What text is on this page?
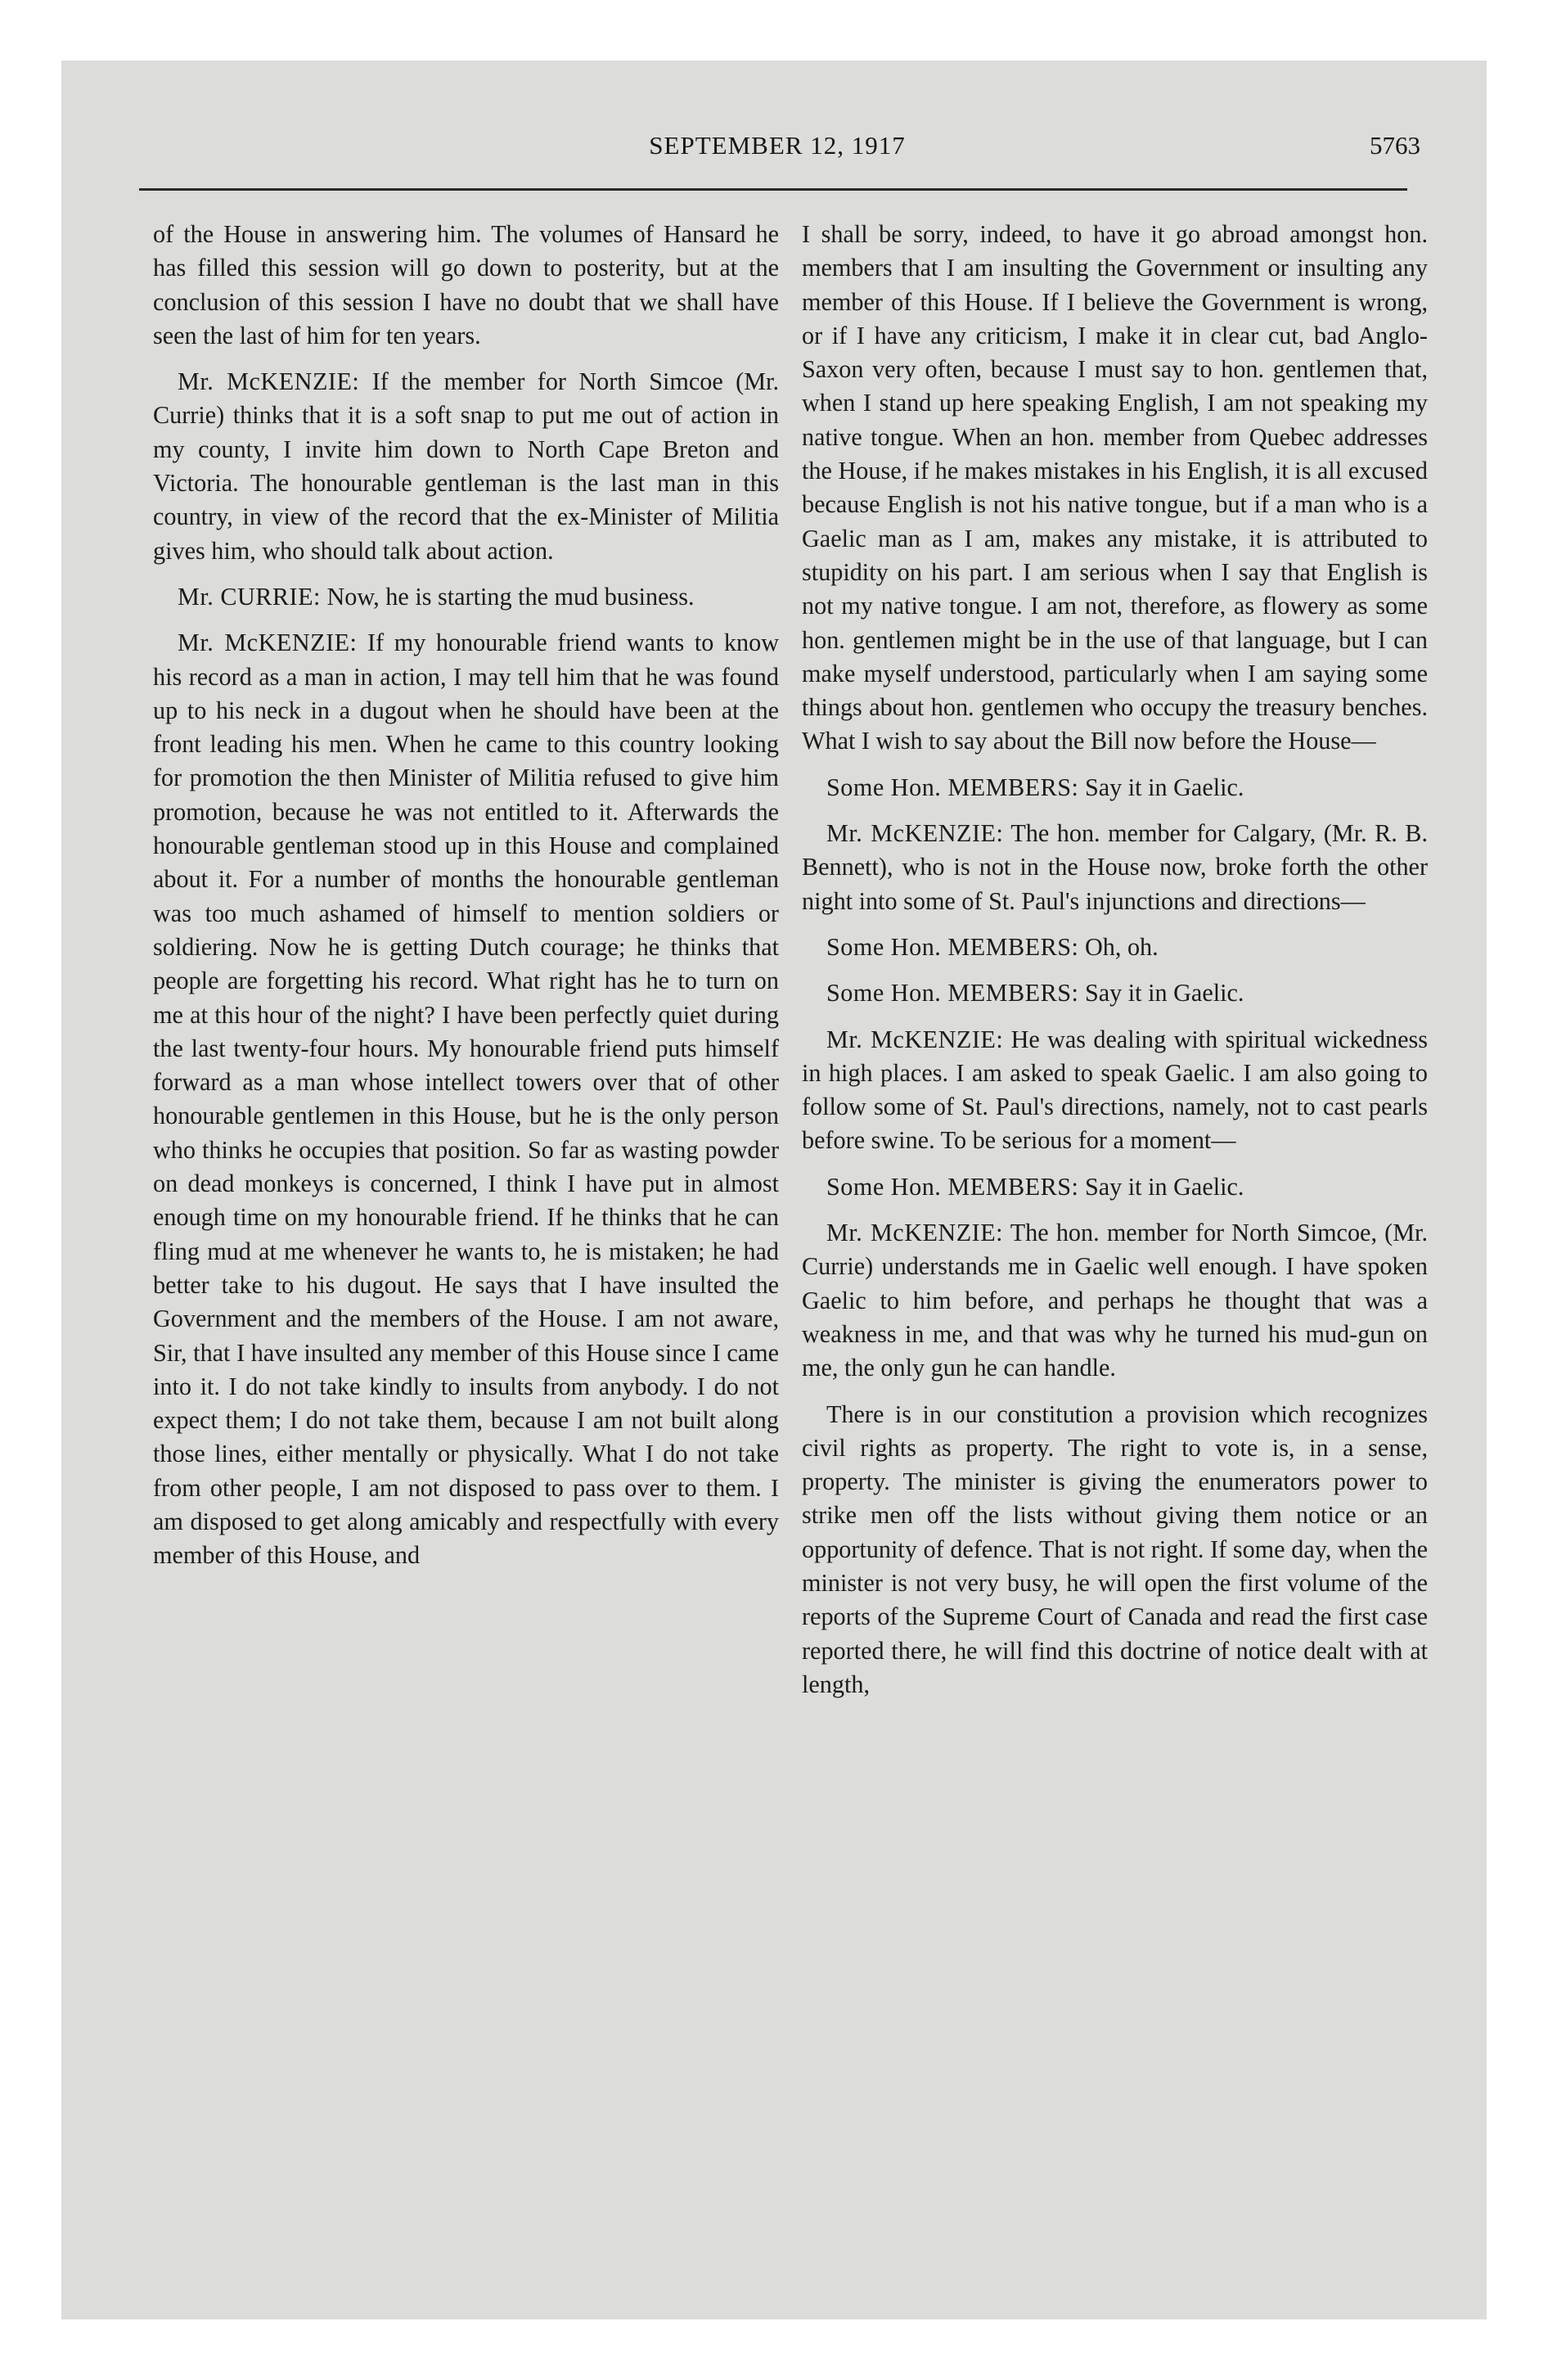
SEPTEMBER 12, 1917	5763

of the House in answering him. The volumes of Hansard he has filled this session will go down to posterity, but at the conclusion of this session I have no doubt that we shall have seen the last of him for ten years.

Mr. McKENZIE: If the member for North Simcoe (Mr. Currie) thinks that it is a soft snap to put me out of action in my county, I invite him down to North Cape Breton and Victoria. The honourable gentleman is the last man in this country, in view of the record that the ex-Minister of Militia gives him, who should talk about action.

Mr. CURRIE: Now, he is starting the mud business.

Mr. McKENZIE: If my honourable friend wants to know his record as a man in action, I may tell him that he was found up to his neck in a dugout when he should have been at the front leading his men. When he came to this country looking for promotion the then Minister of Militia refused to give him promotion, because he was not entitled to it. Afterwards the honourable gentleman stood up in this House and complained about it. For a number of months the honourable gentleman was too much ashamed of himself to mention soldiers or soldiering. Now he is getting Dutch courage; he thinks that people are forgetting his record. What right has he to turn on me at this hour of the night? I have been perfectly quiet during the last twenty-four hours. My honourable friend puts himself forward as a man whose intellect towers over that of other honourable gentlemen in this House, but he is the only person who thinks he occupies that position. So far as wasting powder on dead monkeys is concerned, I think I have put in almost enough time on my honourable friend. If he thinks that he can fling mud at me whenever he wants to, he is mistaken; he had better take to his dugout. He says that I have insulted the Government and the members of the House. I am not aware, Sir, that I have insulted any member of this House since I came into it. I do not take kindly to insults from anybody. I do not expect them; I do not take them, because I am not built along those lines, either mentally or physically. What I do not take from other people, I am not disposed to pass over to them. I am disposed to get along amicably and respectfully with every member of this House, and

I shall be sorry, indeed, to have it go abroad amongst hon. members that I am insulting the Government or insulting any member of this House. If I believe the Government is wrong, or if I have any criticism, I make it in clear cut, bad Anglo-Saxon very often, because I must say to hon. gentlemen that, when I stand up here speaking English, I am not speaking my native tongue. When an hon. member from Quebec addresses the House, if he makes mistakes in his English, it is all excused because English is not his native tongue, but if a man who is a Gaelic man as I am, makes any mistake, it is attributed to stupidity on his part. I am serious when I say that English is not my native tongue. I am not, therefore, as flowery as some hon. gentlemen might be in the use of that language, but I can make myself understood, particularly when I am saying some things about hon. gentlemen who occupy the treasury benches. What I wish to say about the Bill now before the House—

Some Hon. MEMBERS: Say it in Gaelic.

Mr. McKENZIE: The hon. member for Calgary, (Mr. R. B. Bennett), who is not in the House now, broke forth the other night into some of St. Paul's injunctions and directions—

Some Hon. MEMBERS: Oh, oh.

Some Hon. MEMBERS: Say it in Gaelic.

Mr. McKENZIE: He was dealing with spiritual wickedness in high places. I am asked to speak Gaelic. I am also going to follow some of St. Paul's directions, namely, not to cast pearls before swine. To be serious for a moment—

Some Hon. MEMBERS: Say it in Gaelic.

Mr. McKENZIE: The hon. member for North Simcoe, (Mr. Currie) understands me in Gaelic well enough. I have spoken Gaelic to him before, and perhaps he thought that was a weakness in me, and that was why he turned his mud-gun on me, the only gun he can handle.

There is in our constitution a provision which recognizes civil rights as property. The right to vote is, in a sense, property. The minister is giving the enumerators power to strike men off the lists without giving them notice or an opportunity of defence. That is not right. If some day, when the minister is not very busy, he will open the first volume of the reports of the Supreme Court of Canada and read the first case reported there, he will find this doctrine of notice dealt with at length,
